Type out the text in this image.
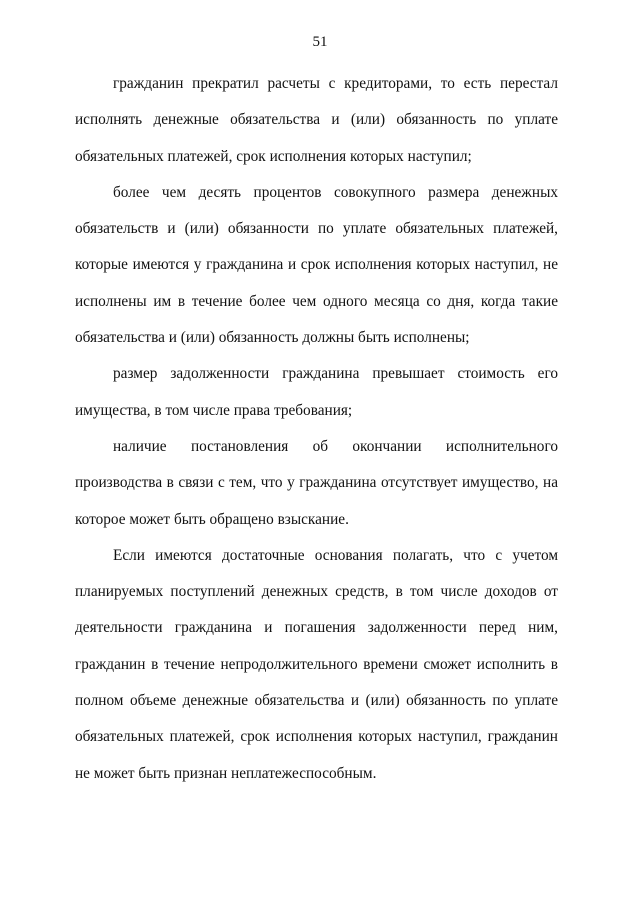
51

гражданин прекратил расчеты с кредиторами, то есть перестал исполнять денежные обязательства и (или) обязанность по уплате обязательных платежей, срок исполнения которых наступил;

более чем десять процентов совокупного размера денежных обязательств и (или) обязанности по уплате обязательных платежей, которые имеются у гражданина и срок исполнения которых наступил, не исполнены им в течение более чем одного месяца со дня, когда такие обязательства и (или) обязанность должны быть исполнены;

размер задолженности гражданина превышает стоимость его имущества, в том числе права требования;

наличие постановления об окончании исполнительного производства в связи с тем, что у гражданина отсутствует имущество, на которое может быть обращено взыскание.

Если имеются достаточные основания полагать, что с учетом планируемых поступлений денежных средств, в том числе доходов от деятельности гражданина и погашения задолженности перед ним, гражданин в течение непродолжительного времени сможет исполнить в полном объеме денежные обязательства и (или) обязанность по уплате обязательных платежей, срок исполнения которых наступил, гражданин не может быть признан неплатежеспособным.
